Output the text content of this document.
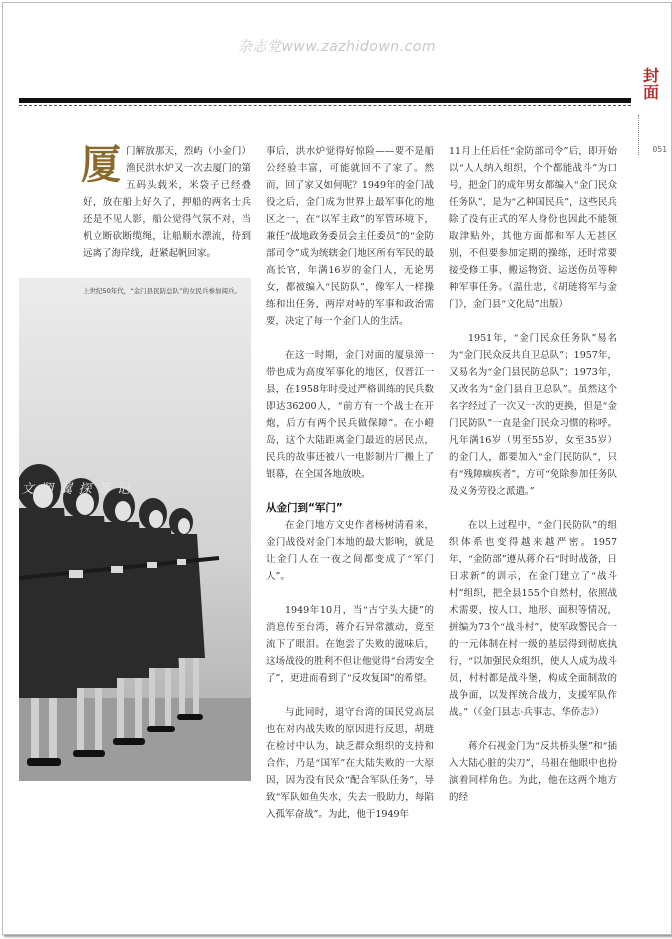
杂志党www.zazhidown.com
封面
051

厦门解放那天，烈屿（小金门）渔民洪水炉又一次去厦门的第五码头载米，米袋子已经叠好，放在船上好久了，押船的两名士兵还是不见人影，船公觉得气氛不对，当机立断砍断缆绳，让船顺水漂流，待到远离了海岸线，赶紧起帆回家。

上世纪50年代，“金门县民防总队”的女民兵参加阅兵。
文 翔 翼 探 等 记

事后，洪水炉觉得好惊险——要不是船公经验丰富，可能就回不了家了。然而，回了家又如何呢？1949年的金门战役之后，金门成为世界上最军事化的地区之一，在“以军主政”的军管环境下，兼任“战地政务委员会主任委员”的“金防部司令”成为统辖金门地区所有军民的最高长官，年满16岁的金门人，无论男女，都被编入“民防队”，像军人一样操练和出任务，两岸对峙的军事和政治需要，决定了每一个金门人的生活。

在这一时期，金门对面的厦泉漳一带也成为高度军事化的地区，仅晋江一县，在1958年时受过严格训练的民兵数即达36200人，“前方有一个战士在开炮，后方有两个民兵做保障”。在小嶝岛，这个大陆距离金门最近的居民点，民兵的故事还被八一电影制片厂搬上了银幕，在全国各地放映。

从金门到“军门”

在金门地方文史作者杨树清看来，金门战役对金门本地的最大影响，就是让金门人在一夜之间都变成了“军门人”。

1949年10月，当“古宁头大捷”的消息传至台湾，蒋介石异常激动，竟至流下了眼泪。在饱尝了失败的滋味后，这场战役的胜利不但让他觉得“台湾安全了”，更进而看到了“反攻复国”的希望。

与此同时，退守台湾的国民党高层也在对内战失败的原因进行反思，胡琏在检讨中认为，缺乏群众组织的支持和合作，乃是“国军”在大陆失败的一大原因，因为没有民众“配合军队任务”，导致“军队如鱼失水，失去一股助力，每陷入孤军奋战”。为此，他于1949年

11月上任后任“金防部司令”后，即开始以“人人纳入组织，个个都能战斗”为口号，把金门的成年男女都编入“金门民众任务队”，是为“乙种国民兵”，这些民兵除了没有正式的军人身份也因此不能领取津贴外，其他方面都和军人无甚区别，不但要参加定期的操练，还时常要接受修工事、搬运物资、运送伤员等种种军事任务。（温仕忠，《胡琏将军与金门》，金门县“文化局”出版）

1951年，“金门民众任务队”易名为“金门民众反共自卫总队”；1957年，又易名为“金门县民防总队”；1973年，又改名为“金门县自卫总队”。虽然这个名字经过了一次又一次的更换，但是“金门民防队”一直是金门民众习惯的称呼。凡年满16岁（男至55岁，女至35岁）的金门人，都要加入“金门民防队”，只有“残障痼疾者”，方可“免除参加任务队及义务劳役之派遣。”

在以上过程中，“金门民防队”的组织体系也变得越来越严密。1957年，“金防部”遵从蒋介石“时时战备，日日求新”的训示，在金门建立了“战斗村”组织，把全县155个自然村，依照战术需要，按人口、地形、面积等情况，拼编为73个“战斗村”，使军政警民合一的一元体制在村一级的基层得到彻底执行，“以加强民众组织，使人人成为战斗员，村村都是战斗堡，构成全面制敌的战争面，以发挥统合战力，支援军队作战。”（《金门县志·兵事志、华侨志》）

蒋介石视金门为“反共桥头堡”和“插入大陆心脏的尖刀”，马祖在他眼中也扮演着同样角色。为此，他在这两个地方的经
